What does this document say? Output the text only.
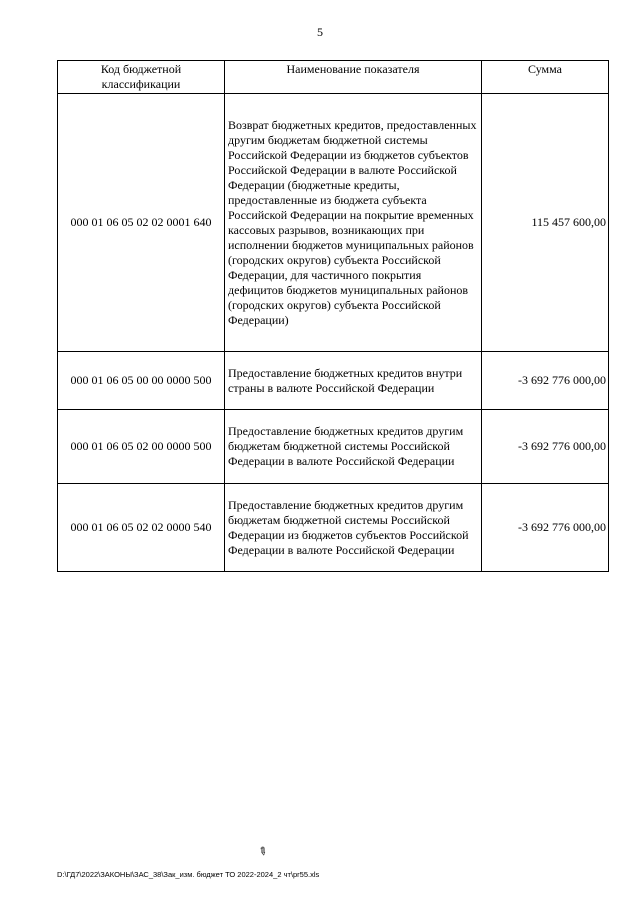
5
Код бюджетной классификации	Наименование показателя	Сумма
000 01 06 05 02 02 0001 640	Возврат бюджетных кредитов, предоставленных другим бюджетам бюджетной системы Российской Федерации из бюджетов субъектов Российской Федерации в валюте Российской Федерации (бюджетные кредиты, предоставленные из бюджета субъекта Российской Федерации на покрытие временных кассовых разрывов, возникающих при исполнении бюджетов муниципальных районов (городских округов) субъекта Российской Федерации, для частичного покрытия дефицитов бюджетов муниципальных районов (городских округов) субъекта Российской Федерации)	115 457 600,00
000 01 06 05 00 00 0000 500	Предоставление бюджетных кредитов внутри страны в валюте Российской Федерации	-3 692 776 000,00
000 01 06 05 02 00 0000 500	Предоставление бюджетных кредитов другим бюджетам бюджетной системы Российской Федерации в валюте Российской Федерации	-3 692 776 000,00
000 01 06 05 02 02 0000 540	Предоставление бюджетных кредитов другим бюджетам бюджетной системы Российской Федерации из бюджетов субъектов Российской Федерации в валюте Российской Федерации	-3 692 776 000,00
✎
D:\ГД7\2022\ЗАКОНЫ\ЗАС_38\Зак_изм. бюджет ТО 2022-2024_2 чт\pr55.xls
